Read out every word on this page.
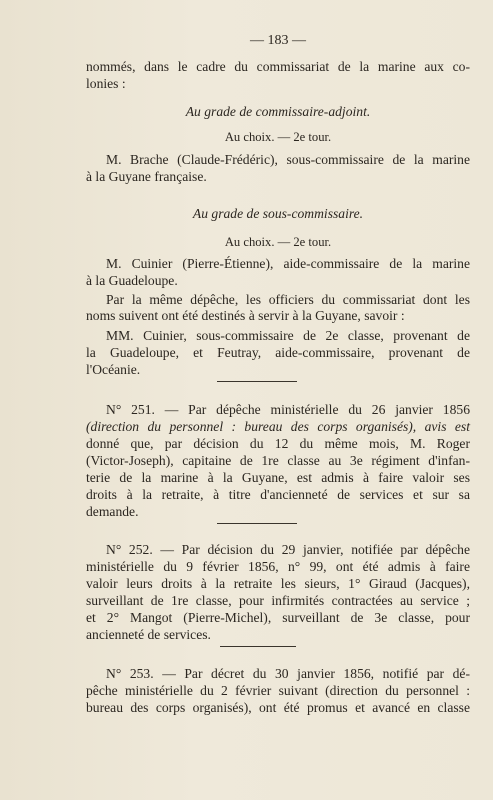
— 183 —
nommés, dans le cadre du commissariat de la marine aux co-
lonies :
Au grade de commissaire-adjoint.
Au choix. — 2e tour.
M. Brache (Claude-Frédéric), sous-commissaire de la marine
à la Guyane française.
Au grade de sous-commissaire.
Au choix. — 2e tour.
M. Cuinier (Pierre-Étienne), aide-commissaire de la marine
à la Guadeloupe.
Par la même dépêche, les officiers du commissariat dont les
noms suivent ont été destinés à servir à la Guyane, savoir :
MM. Cuinier, sous-commissaire de 2e classe, provenant de
la Guadeloupe, et Feutray, aide-commissaire, provenant de
l'Océanie.
N° 251. — Par dépêche ministérielle du 26 janvier 1856
(direction du personnel : bureau des corps organisés), avis est
donné que, par décision du 12 du même mois, M. Roger
(Victor-Joseph), capitaine de 1re classe au 3e régiment d'infan-
terie de la marine à la Guyane, est admis à faire valoir ses
droits à la retraite, à titre d'ancienneté de services et sur sa
demande.
N° 252. — Par décision du 29 janvier, notifiée par dépêche
ministérielle du 9 février 1856, n° 99, ont été admis à faire
valoir leurs droits à la retraite les sieurs, 1° Giraud (Jacques),
surveillant de 1re classe, pour infirmités contractées au service ;
et 2° Mangot (Pierre-Michel), surveillant de 3e classe, pour
ancienneté de services.
N° 253. — Par décret du 30 janvier 1856, notifié par dé-
pêche ministérielle du 2 février suivant (direction du personnel :
bureau des corps organisés), ont été promus et avancé en classe
